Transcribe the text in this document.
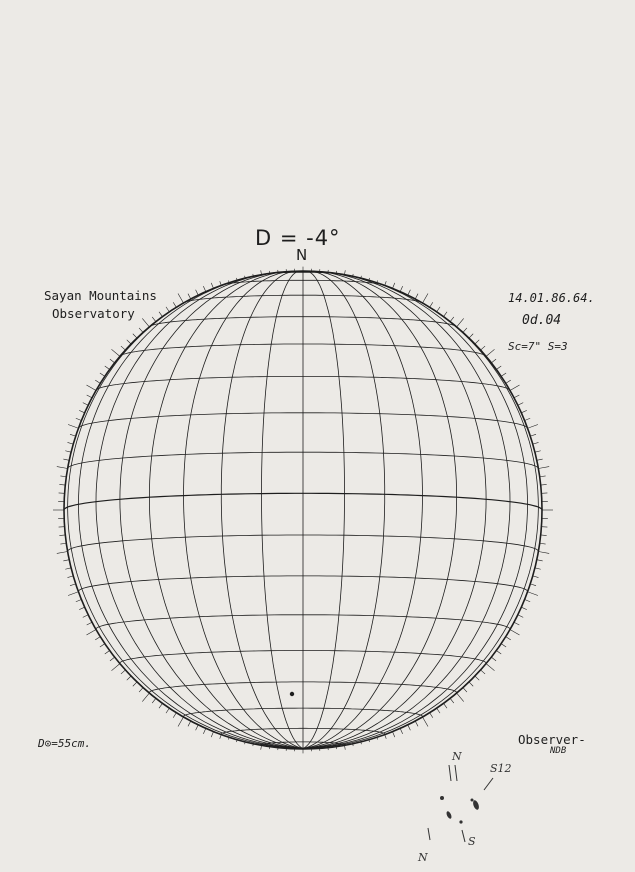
D = -4°
N
Sayan Mountains
Observatory
14.01.86.64.
0d.04
Sc=7" S=3
D⊙=55cm.	Observer-
NDB
N
N
S
S12
